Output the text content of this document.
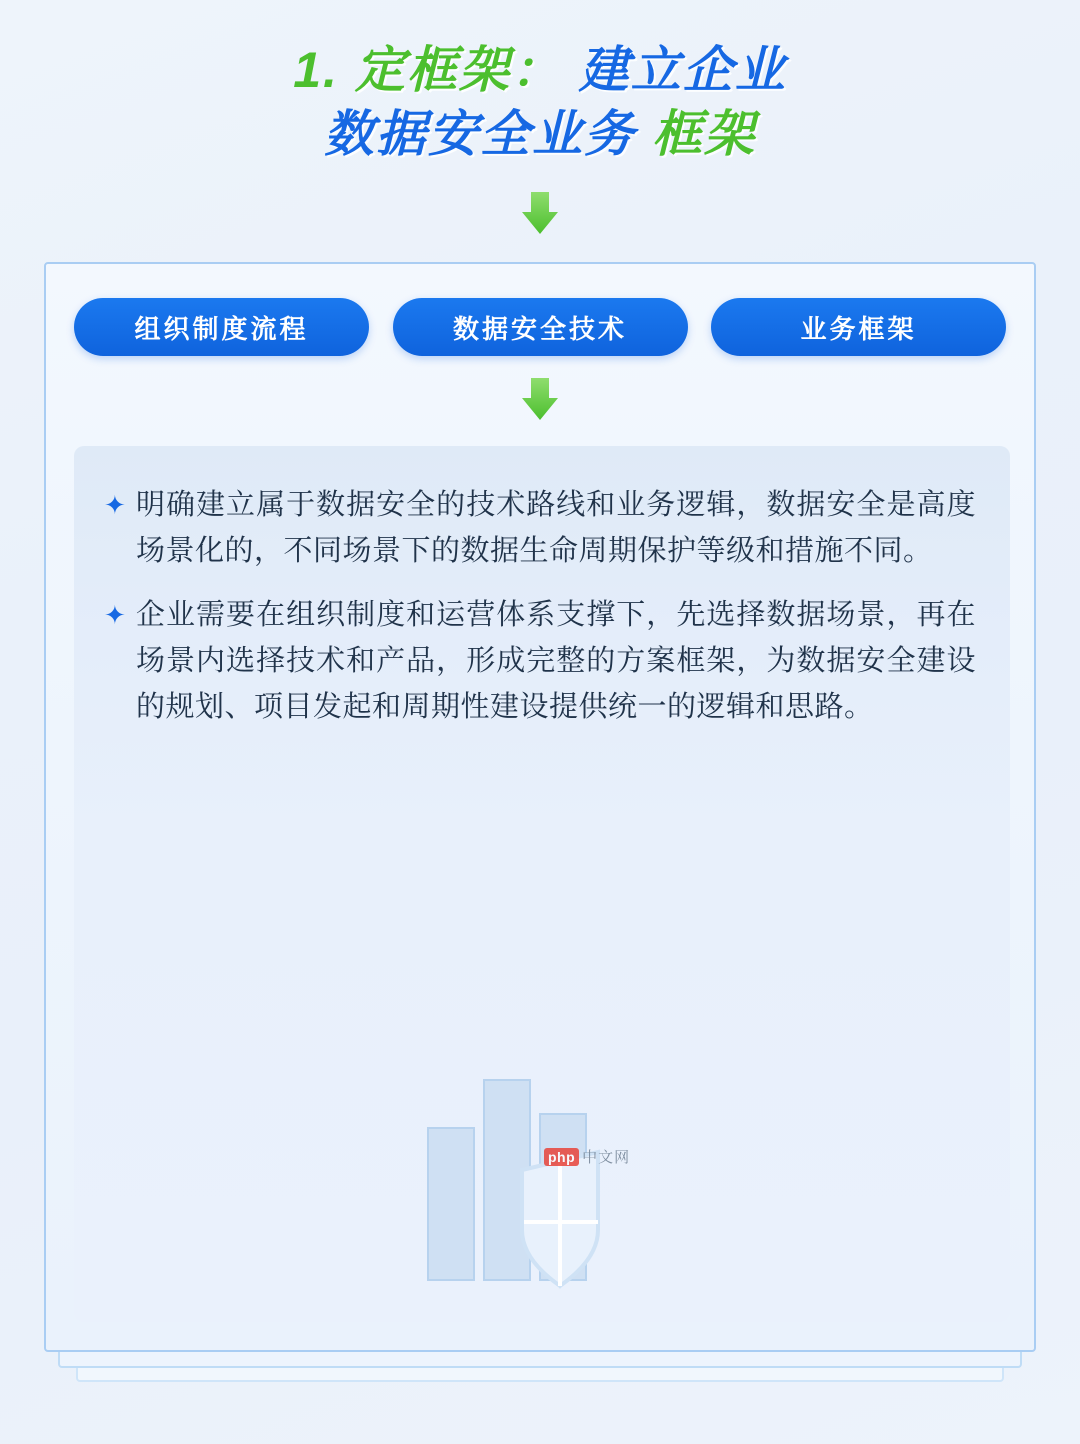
1. 定框架： 建立企业
数据安全业务 框架
组织制度流程	数据安全技术	业务框架
✦ 明确建立属于数据安全的技术路线和业务逻辑，数据安全是高度场景化的，不同场景下的数据生命周期保护等级和措施不同。
✦ 企业需要在组织制度和运营体系支撑下，先选择数据场景，再在场景内选择技术和产品，形成完整的方案框架，为数据安全建设的规划、项目发起和周期性建设提供统一的逻辑和思路。
php 中文网
